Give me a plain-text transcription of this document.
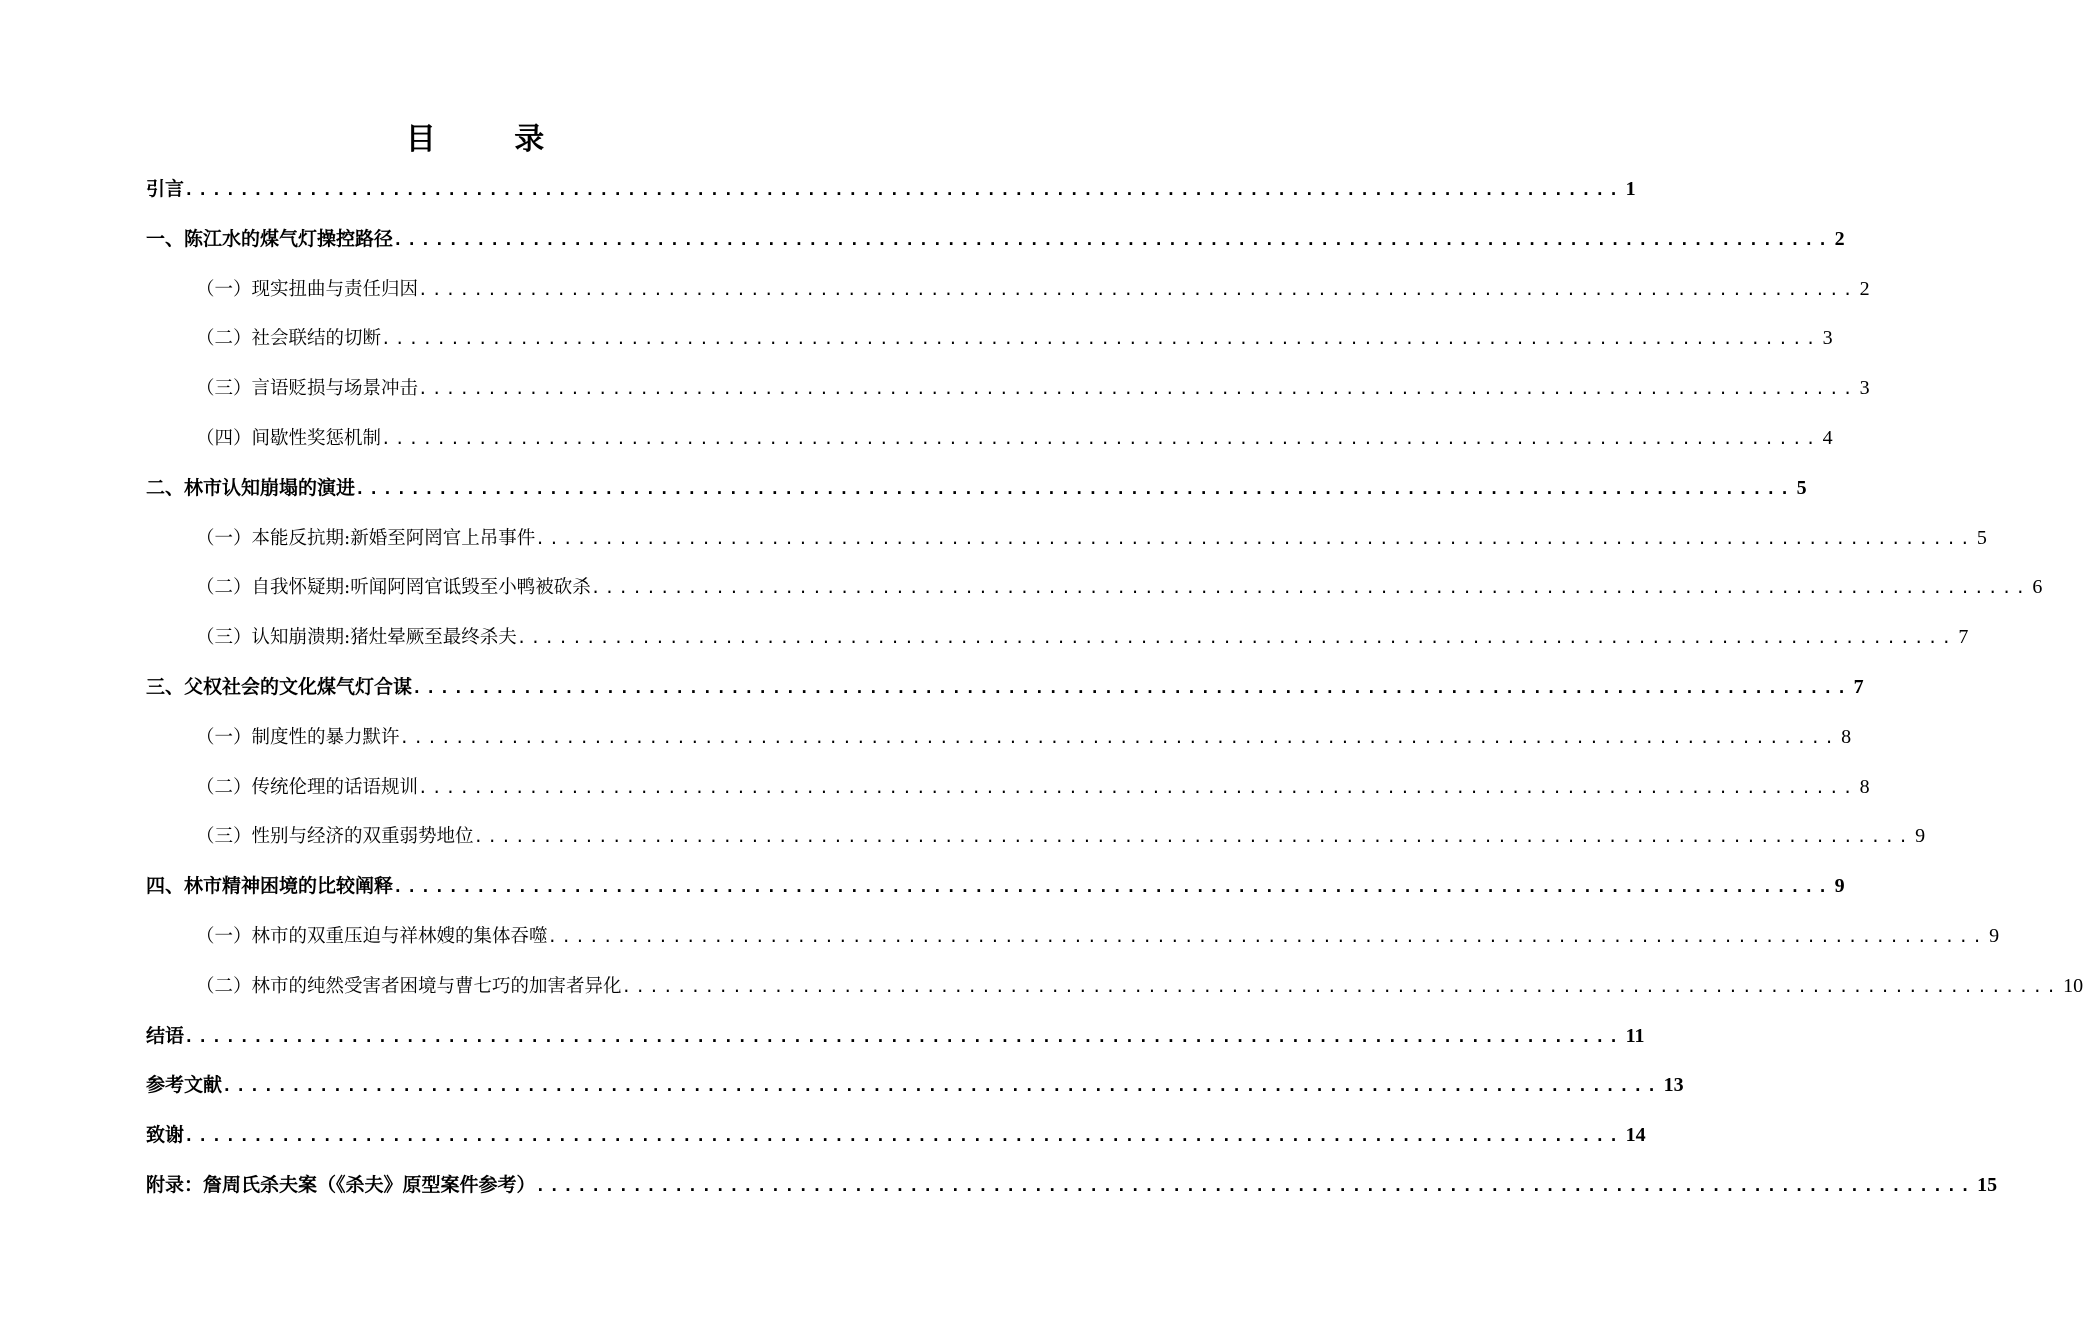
目 录
引言 ........................................................................................................ 1
一、陈江水的煤气灯操控路径 ........................................................................................................ 2
（一）现实扭曲与责任归因 ........................................................................................................ 2
（二）社会联结的切断 ........................................................................................................ 3
（三）言语贬损与场景冲击 ........................................................................................................ 3
（四）间歇性奖惩机制 ........................................................................................................ 4
二、林市认知崩塌的演进 ........................................................................................................ 5
（一）本能反抗期:新婚至阿罔官上吊事件 ........................................................................................................ 5
（二）自我怀疑期:听闻阿罔官诋毁至小鸭被砍杀 ........................................................................................................ 6
（三）认知崩溃期:猪灶晕厥至最终杀夫 ........................................................................................................ 7
三、父权社会的文化煤气灯合谋 ........................................................................................................ 7
（一）制度性的暴力默许 ........................................................................................................ 8
（二）传统伦理的话语规训 ........................................................................................................ 8
（三）性别与经济的双重弱势地位 ........................................................................................................ 9
四、林市精神困境的比较阐释 ........................................................................................................ 9
（一）林市的双重压迫与祥林嫂的集体吞噬 ........................................................................................................ 9
（二）林市的纯然受害者困境与曹七巧的加害者异化 ........................................................................................................ 10
结语 ........................................................................................................ 11
参考文献 ........................................................................................................ 13
致谢 ........................................................................................................ 14
附录：詹周氏杀夫案（《杀夫》原型案件参考） ........................................................................................................ 15
